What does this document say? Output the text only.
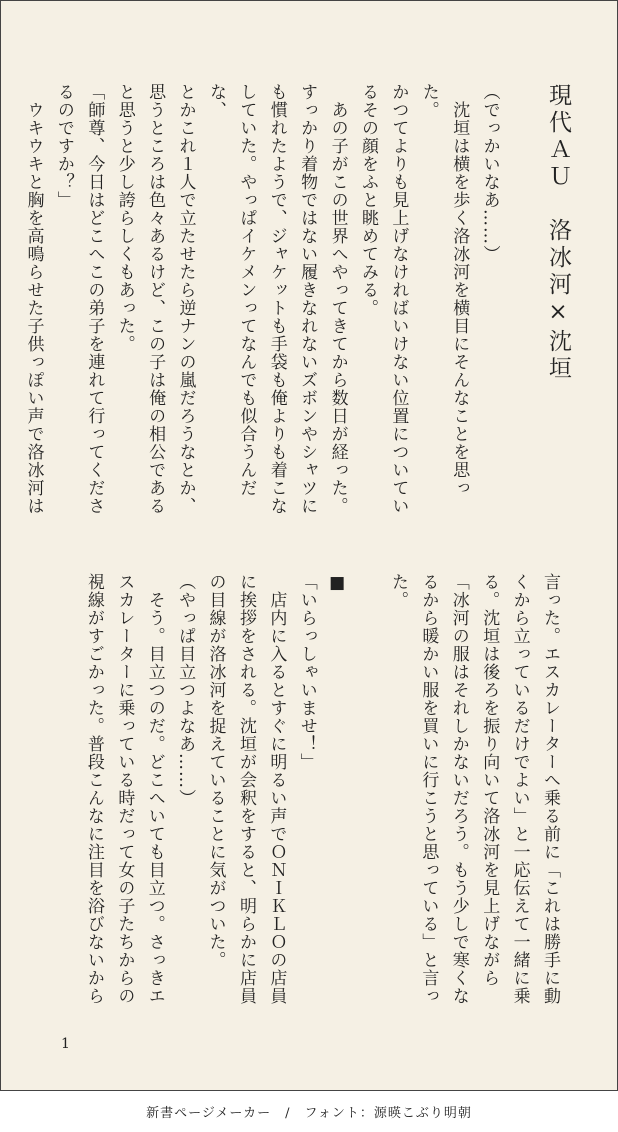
現代ＡＵ　洛冰河×沈垣
（でっかいなあ……）
　沈垣は横を歩く洛冰河を横目にそんなことを思った。
かつてよりも見上げなければいけない位置についてい
るその顔をふと眺めてみる。
　あの子がこの世界へやってきてから数日が経った。
すっかり着物ではない履きなれないズボンやシャツに
も慣れたようで、ジャケットも手袋も俺よりも着こな
していた。やっぱイケメンってなんでも似合うんだな、
とかこれ１人で立たせたら逆ナンの嵐だろうなとか、
思うところは色々あるけど、この子は俺の相公である
と思うと少し誇らしくもあった。
「師尊、今日はどこへこの弟子を連れて行ってくださ
るのですか？」
　ウキウキと胸を高鳴らせた子供っぽい声で洛冰河は
言った。エスカレーターへ乗る前に「これは勝手に動
くから立っているだけでよい」と一応伝えて一緒に乗
る。沈垣は後ろを振り向いて洛冰河を見上げながら
「冰河の服はそれしかないだろう。もう少しで寒くな
るから暖かい服を買いに行こうと思っている」と言っ
た。
■
「いらっしゃいませ！」
　店内に入るとすぐに明るい声でＯＮＩＫＬＯの店員
に挨拶をされる。沈垣が会釈をすると、明らかに店員
の目線が洛冰河を捉えていることに気がついた。
（やっぱ目立つよなあ……）
　そう。目立つのだ。どこへいても目立つ。さっきエ
スカレーターに乗っている時だって女の子たちからの
視線がすごかった。普段こんなに注目を浴びないから
1
新書ページメーカー　/　フォント：源暎こぶり明朝
